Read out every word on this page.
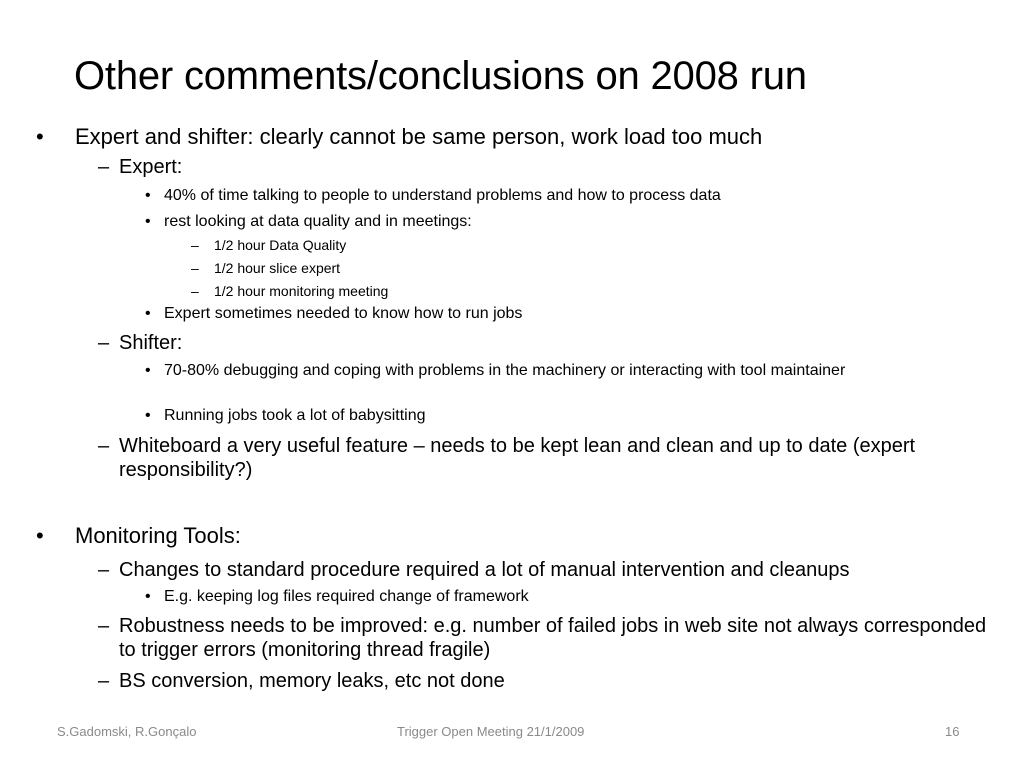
Other comments/conclusions on 2008 run
• Expert and shifter: clearly cannot be same person, work load too much
– Expert:
• 40% of time talking to people to understand problems and how to process data
• rest looking at data quality and in meetings:
– 1/2 hour Data Quality
– 1/2 hour slice expert
– 1/2 hour monitoring meeting
• Expert sometimes needed to know how to run jobs
– Shifter:
• 70-80% debugging and coping with problems in the machinery or interacting with tool maintainer
• Running jobs took a lot of babysitting
– Whiteboard a very useful feature – needs to be kept lean and clean and up to date (expert responsibility?)
• Monitoring Tools:
– Changes to standard procedure required a lot of manual intervention and cleanups
• E.g. keeping log files required change of framework
– Robustness needs to be improved: e.g. number of failed jobs in web site not always corresponded to trigger errors (monitoring thread fragile)
– BS conversion, memory leaks, etc not done
S.Gadomski, R.Gonçalo	Trigger Open Meeting 21/1/2009	16
